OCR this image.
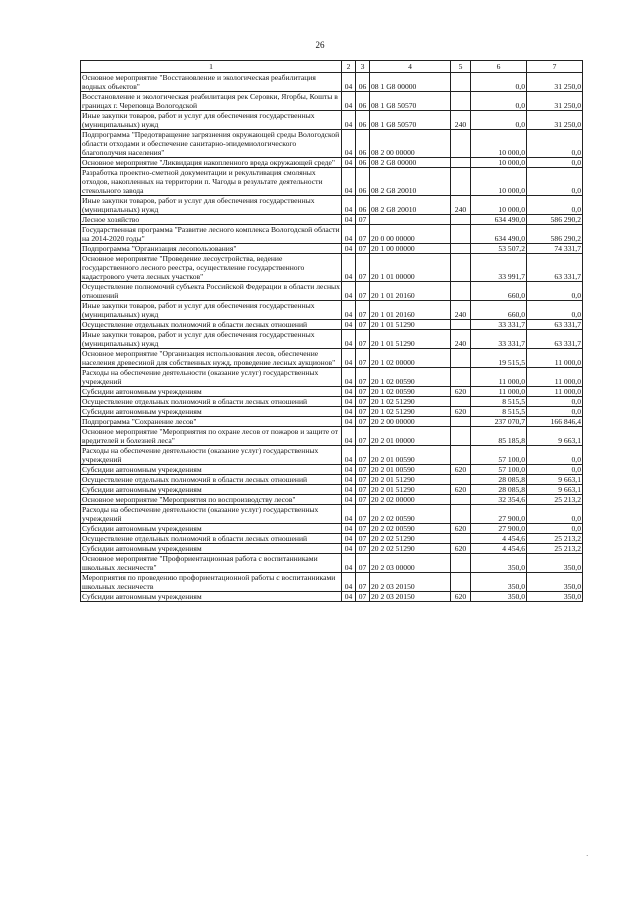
26
1	2	3	4	5	6	7
Основное мероприятие "Восстановление и экологическая реабилитация водных объектов"	04	06	08 1 G8 00000		0,0	31 250,0
Восстановление и экологическая реабилитация рек Серовки, Ягорбы, Кошты в границах г. Череповца Вологодской	04	06	08 1 G8 50570		0,0	31 250,0
Иные закупки товаров, работ и услуг для обеспечения государственных (муниципальных) нужд	04	06	08 1 G8 50570	240	0,0	31 250,0
Подпрограмма "Предотвращение загрязнения окружающей среды Вологодской области отходами и обеспечение санитарно-эпидемиологического благополучия населения"	04	06	08 2 00 00000		10 000,0	0,0
Основное мероприятие "Ликвидация накопленного вреда окружающей среде"	04	06	08 2 G8 00000		10 000,0	0,0
Разработка проектно-сметной документации и рекультивация смоляных отходов, накопленных на территории п. Чагоды в результате деятельности стекольного завода	04	06	08 2 G8 20010		10 000,0	0,0
Иные закупки товаров, работ и услуг для обеспечения государственных (муниципальных) нужд	04	06	08 2 G8 20010	240	10 000,0	0,0
Лесное хозяйство	04	07			634 490,0	586 290,2
Государственная программа "Развитие лесного комплекса Вологодской области на 2014-2020 годы"	04	07	20 0 00 00000		634 490,0	586 290,2
Подпрограмма "Организация лесопользования"	04	07	20 1 00 00000		53 507,2	74 331,7
Основное мероприятие "Проведение лесоустройства, ведение государственного лесного реестра, осуществление государственного кадастрового учета лесных участков"	04	07	20 1 01 00000		33 991,7	63 331,7
Осуществление полномочий субъекта Российской Федерации в области лесных отношений	04	07	20 1 01 20160		660,0	0,0
Иные закупки товаров, работ и услуг для обеспечения государственных (муниципальных) нужд	04	07	20 1 01 20160	240	660,0	0,0
Осуществление отдельных полномочий в области лесных отношений	04	07	20 1 01 51290		33 331,7	63 331,7
Иные закупки товаров, работ и услуг для обеспечения государственных (муниципальных) нужд	04	07	20 1 01 51290	240	33 331,7	63 331,7
Основное мероприятие "Организация использования лесов, обеспечение населения древесиной для собственных нужд, проведение лесных аукционов"	04	07	20 1 02 00000		19 515,5	11 000,0
Расходы на обеспечение деятельности (оказание услуг) государственных учреждений	04	07	20 1 02 00590		11 000,0	11 000,0
Субсидии автономным учреждениям	04	07	20 1 02 00590	620	11 000,0	11 000,0
Осуществление отдельных полномочий в области лесных отношений	04	07	20 1 02 51290		8 515,5	0,0
Субсидии автономным учреждениям	04	07	20 1 02 51290	620	8 515,5	0,0
Подпрограмма "Сохранение лесов"	04	07	20 2 00 00000		237 070,7	166 846,4
Основное мероприятие "Мероприятия по охране лесов от пожаров и защите от вредителей и болезней леса"	04	07	20 2 01 00000		85 185,8	9 663,1
Расходы на обеспечение деятельности (оказание услуг) государственных учреждений	04	07	20 2 01 00590		57 100,0	0,0
Субсидии автономным учреждениям	04	07	20 2 01 00590	620	57 100,0	0,0
Осуществление отдельных полномочий в области лесных отношений	04	07	20 2 01 51290		28 085,8	9 663,1
Субсидии автономным учреждениям	04	07	20 2 01 51290	620	28 085,8	9 663,1
Основное мероприятие "Мероприятия по воспроизводству лесов"	04	07	20 2 02 00000		32 354,6	25 213,2
Расходы на обеспечение деятельности (оказание услуг) государственных учреждений	04	07	20 2 02 00590		27 900,0	0,0
Субсидии автономным учреждениям	04	07	20 2 02 00590	620	27 900,0	0,0
Осуществление отдельных полномочий в области лесных отношений	04	07	20 2 02 51290		4 454,6	25 213,2
Субсидии автономным учреждениям	04	07	20 2 02 51290	620	4 454,6	25 213,2
Основное мероприятие "Профориентационная работа с воспитанниками школьных лесничеств"	04	07	20 2 03 00000		350,0	350,0
Мероприятия по проведению профориентационной работы с воспитанниками школьных лесничеств	04	07	20 2 03 20150		350,0	350,0
Субсидии автономным учреждениям	04	07	20 2 03 20150	620	350,0	350,0
·
